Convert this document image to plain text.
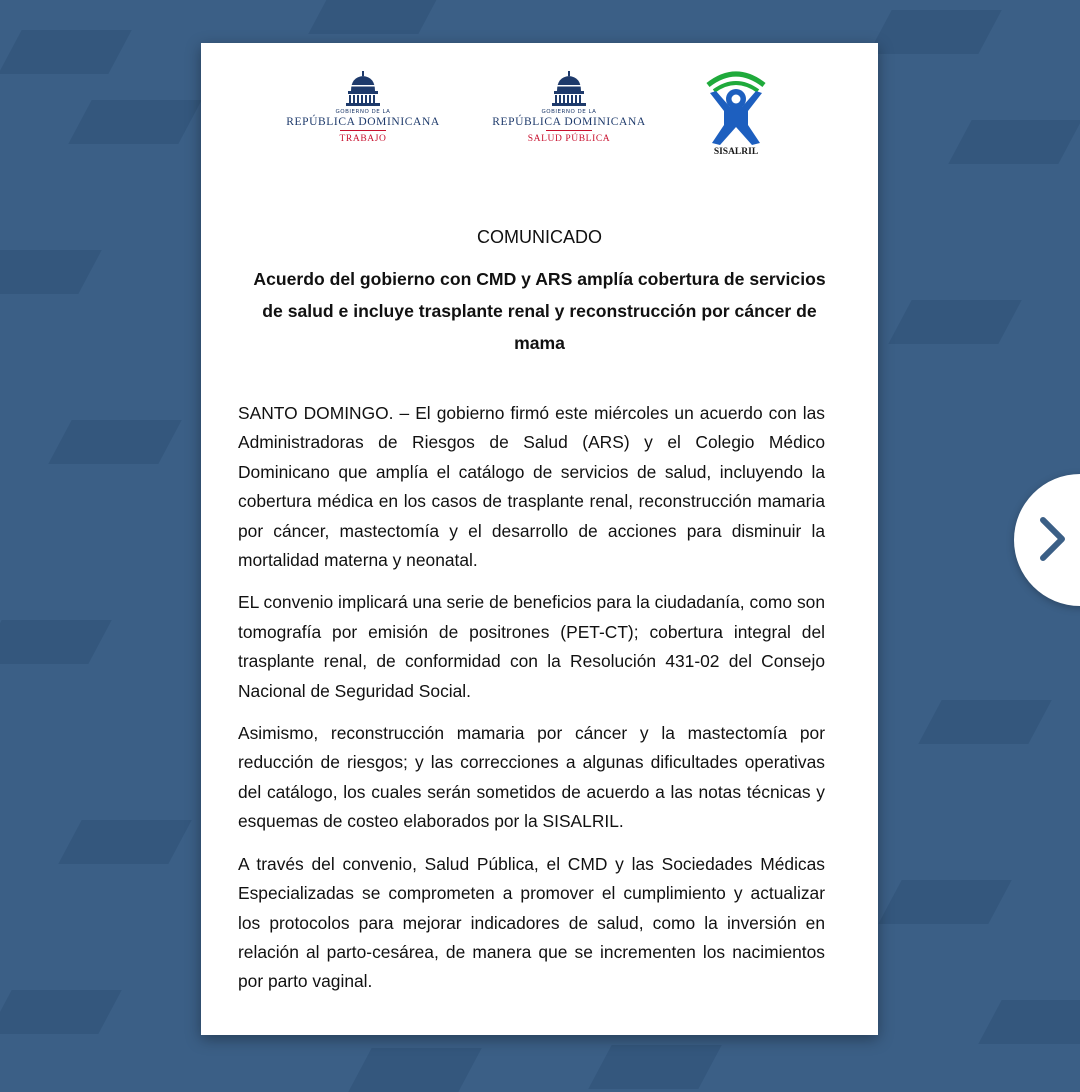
GOBIERNO DE LA
REPÚBLICA DOMINICANA
TRABAJO
GOBIERNO DE LA
REPÚBLICA DOMINICANA
SALUD PÚBLICA
SISALRIL
COMUNICADO
Acuerdo del gobierno con CMD y ARS amplía cobertura de servicios de salud e incluye trasplante renal y reconstrucción por cáncer de mama

SANTO DOMINGO. – El gobierno firmó este miércoles un acuerdo con las Administradoras de Riesgos de Salud (ARS) y el Colegio Médico Dominicano que amplía el catálogo de servicios de salud, incluyendo la cobertura médica en los casos de trasplante renal, reconstrucción mamaria por cáncer, mastectomía y el desarrollo de acciones para disminuir la mortalidad materna y neonatal.

EL convenio implicará una serie de beneficios para la ciudadanía, como son tomografía por emisión de positrones (PET-CT); cobertura integral del trasplante renal, de conformidad con la Resolución 431-02 del Consejo Nacional de Seguridad Social.

Asimismo, reconstrucción mamaria por cáncer y la mastectomía por reducción de riesgos; y las correcciones a algunas dificultades operativas del catálogo, los cuales serán sometidos de acuerdo a las notas técnicas y esquemas de costeo elaborados por la SISALRIL.

A través del convenio, Salud Pública, el CMD y las Sociedades Médicas Especializadas se comprometen a promover el cumplimiento y actualizar los protocolos para mejorar indicadores de salud, como la inversión en relación al parto-cesárea, de manera que se incrementen los nacimientos por parto vaginal.
